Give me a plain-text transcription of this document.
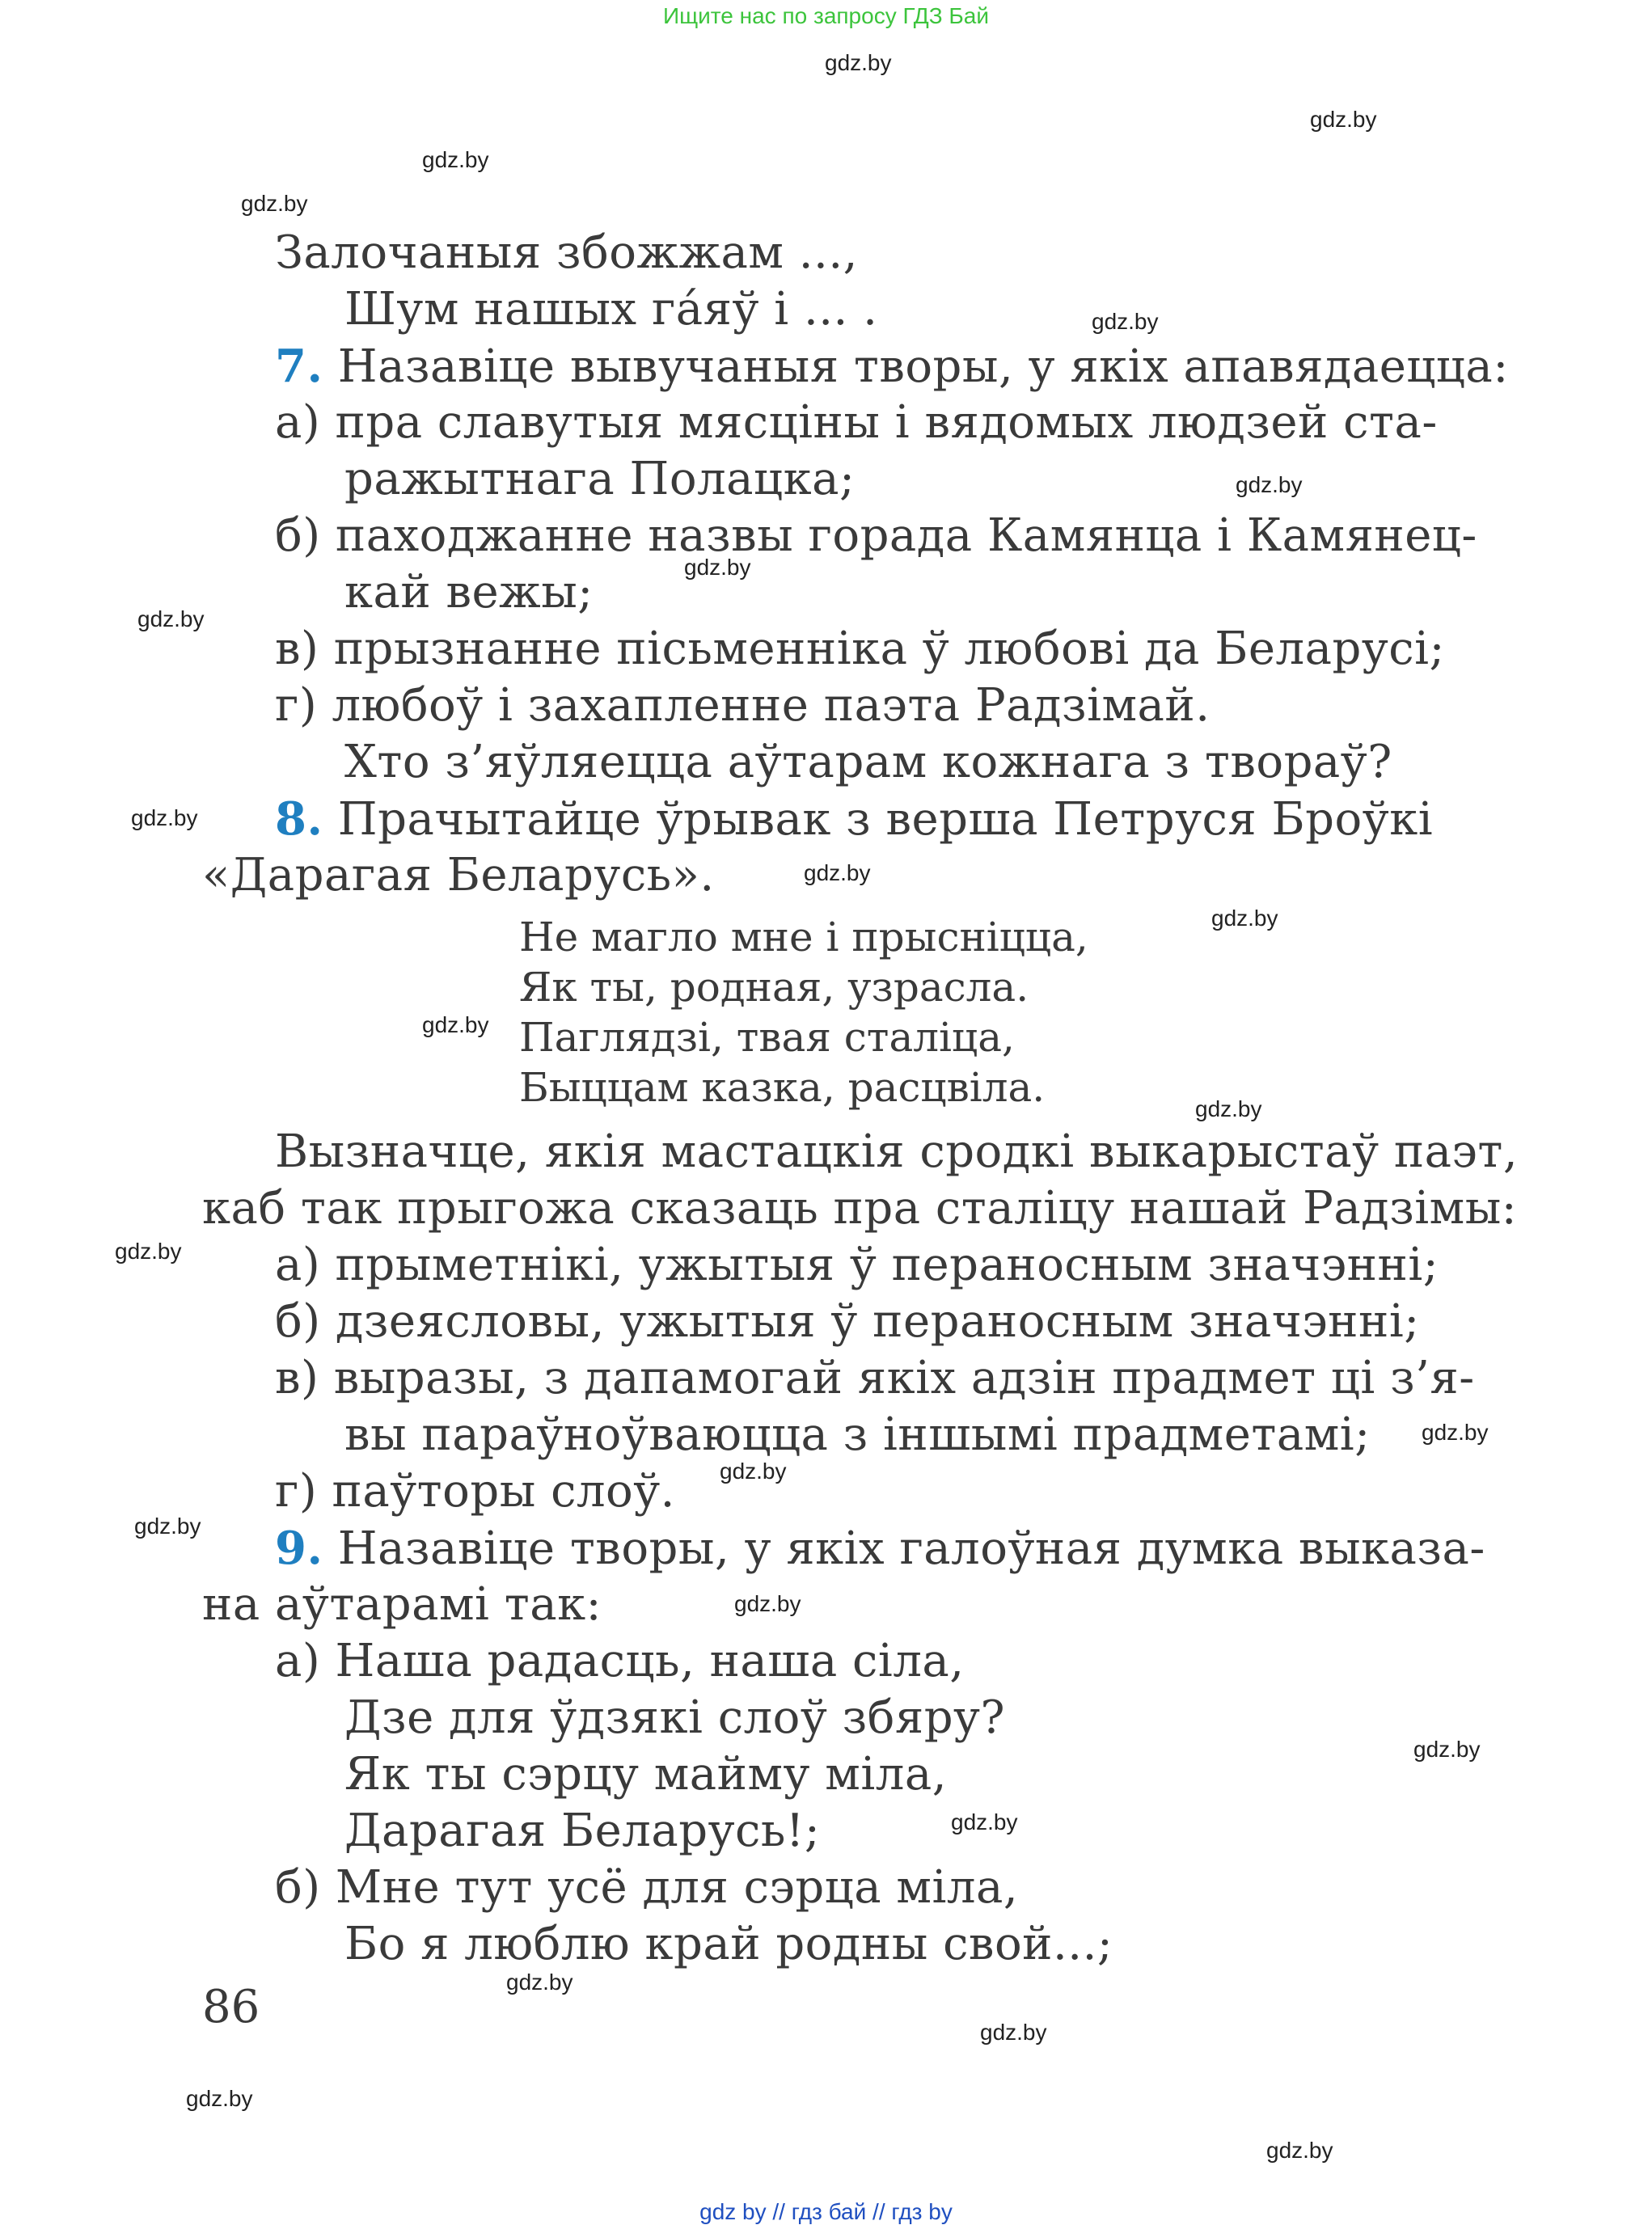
Ищите нас по запросу ГДЗ Бай
gdz.by
gdz.by
gdz.by
gdz.by
gdz.by
gdz.by
gdz.by
gdz.by
gdz.by
gdz.by
gdz.by
gdz.by
gdz.by
gdz.by
gdz.by
gdz.by
gdz.by
gdz.by
gdz.by
gdz.by
gdz.by
gdz.by
gdz.by
gdz.by
Залочаныя збожжам ...,
Шум нашых га́яў і ... .
7. Назавіце вывучаныя творы, у якіх апавядаецца:
а) пра славутыя мясціны і вядомых людзей ста-
ражытнага Полацка;
б) паходжанне назвы горада Камянца і Камянец-
кай вежы;
в) прызнанне пісьменніка ў любові да Беларусі;
г) любоў і захапленне паэта Радзімай.
Хто з’яўляецца аўтарам кожнага з твораў?
8. Прачытайце ўрывак з верша Петруся Броўкі
«Дарагая Беларусь».
Не магло мне і прысніцца,
Як ты, родная, узрасла.
Паглядзі, твая сталіца,
Быццам казка, расцвіла.
Вызначце, якія мастацкія сродкі выкарыстаў паэт,
каб так прыгожа сказаць пра сталіцу нашай Радзімы:
а) прыметнікі, ужытыя ў пераносным значэнні;
б) дзеясловы, ужытыя ў пераносным значэнні;
в) выразы, з дапамогай якіх адзін прадмет ці з’я-
вы параўноўваюцца з іншымі прадметамі;
г) паўторы слоў.
9. Назавіце творы, у якіх галоўная думка выказа-
на аўтарамі так:
а) Наша радасць, наша сіла,
Дзе для ўдзякі слоў збяру?
Як ты сэрцу майму міла,
Дарагая Беларусь!;
б) Мне тут усё для сэрца міла,
Бо я люблю край родны свой...;
86
gdz by // гдз бай // гдз by
